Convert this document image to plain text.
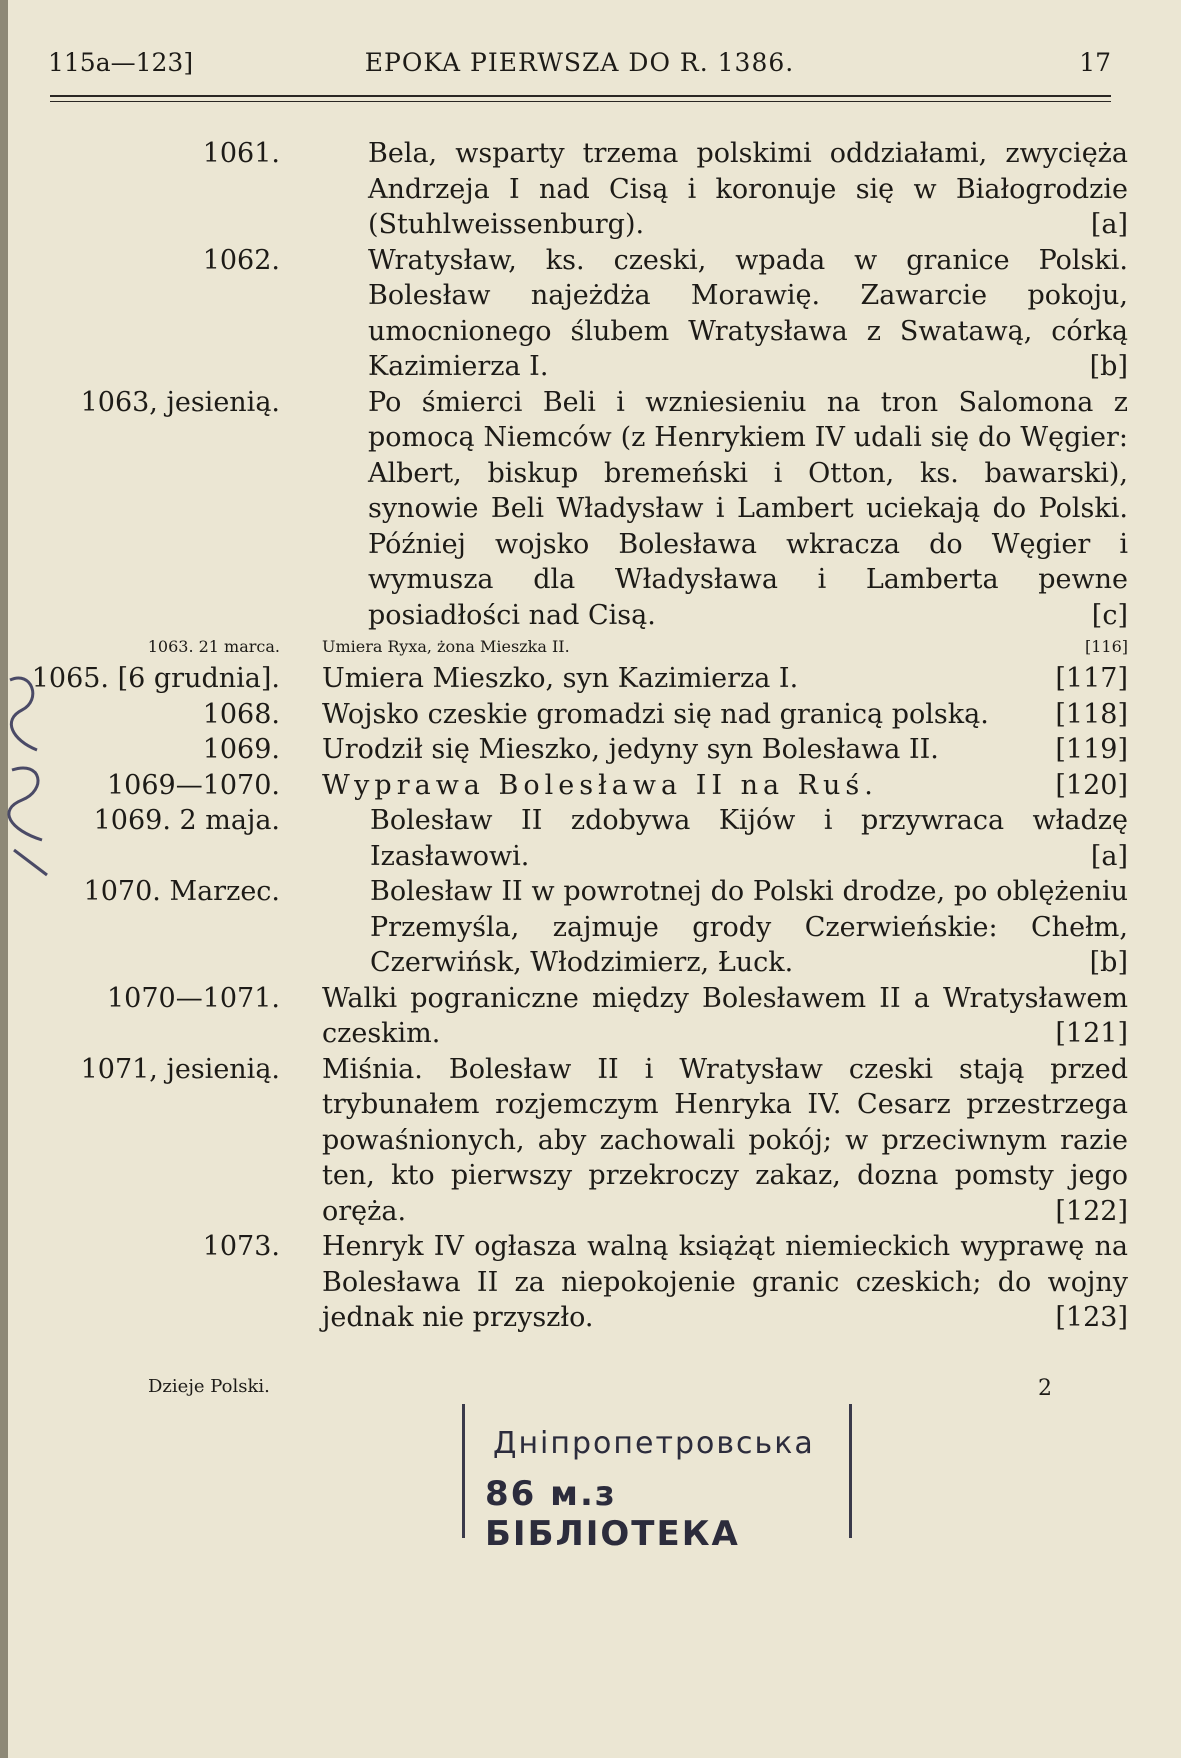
115a—123]	EPOKA PIERWSZA DO R. 1386.	17
1061.	Bela, wsparty trzema polskimi oddziałami, zwycięża Andrzeja I nad Cisą i koronuje się w Białogrodzie (Stuhlweissenburg).	[a]
1062.	Wratysław, ks. czeski, wpada w granice Polski. Bolesław najeżdża Morawię. Zawarcie pokoju, umocnionego ślubem Wratysława z Swatawą, córką Kazimierza I.	[b]
1063, jesienią.	Po śmierci Beli i wzniesieniu na tron Salomona z pomocą Niemców (z Henrykiem IV udali się do Węgier: Albert, biskup bremeński i Otton, ks. bawarski), synowie Beli Władysław i Lambert uciekają do Polski. Później wojsko Bolesława wkracza do Węgier i wymusza dla Władysława i Lamberta pewne posiadłości nad Cisą.	[c]
1063. 21 marca.	Umiera Ryxa, żona Mieszka II.	[116]
1065. [6 grudnia]. Umiera Mieszko, syn Kazimierza I.	[117]
1068. Wojsko czeskie gromadzi się nad granicą polską. [118]
1069. Urodził się Mieszko, jedyny syn Bolesława II.	[119]
1069—1070. Wyprawa Bolesława II na Ruś.	[120]
1069. 2 maja.	Bolesław II zdobywa Kijów i przywraca władzę Izasławowi.	[a]
1070. Marzec.	Bolesław II w powrotnej do Polski drodze, po oblężeniu Przemyśla, zajmuje grody Czerwieńskie: Chełm, Czerwińsk, Włodzimierz, Łuck.	[b]
1070—1071. Walki pograniczne między Bolesławem II a Wratysławem czeskim.	[121]
1071, jesienią. Miśnia. Bolesław II i Wratysław czeski stają przed trybunałem rozjemczym Henryka IV. Cesarz przestrzega powaśnionych, aby zachowali pokój; w przeciwnym razie ten, kto pierwszy przekroczy zakaz, dozna pomsty jego oręża.	[122]
1073. Henryk IV ogłasza walną książąt niemieckich wyprawę na Bolesława II za niepokojenie granic czeskich; do wojny jednak nie przyszło.	[123]
Dzieje Polski.	2
Дніпропетровська
86 м.з БІБЛІОТЕКА
